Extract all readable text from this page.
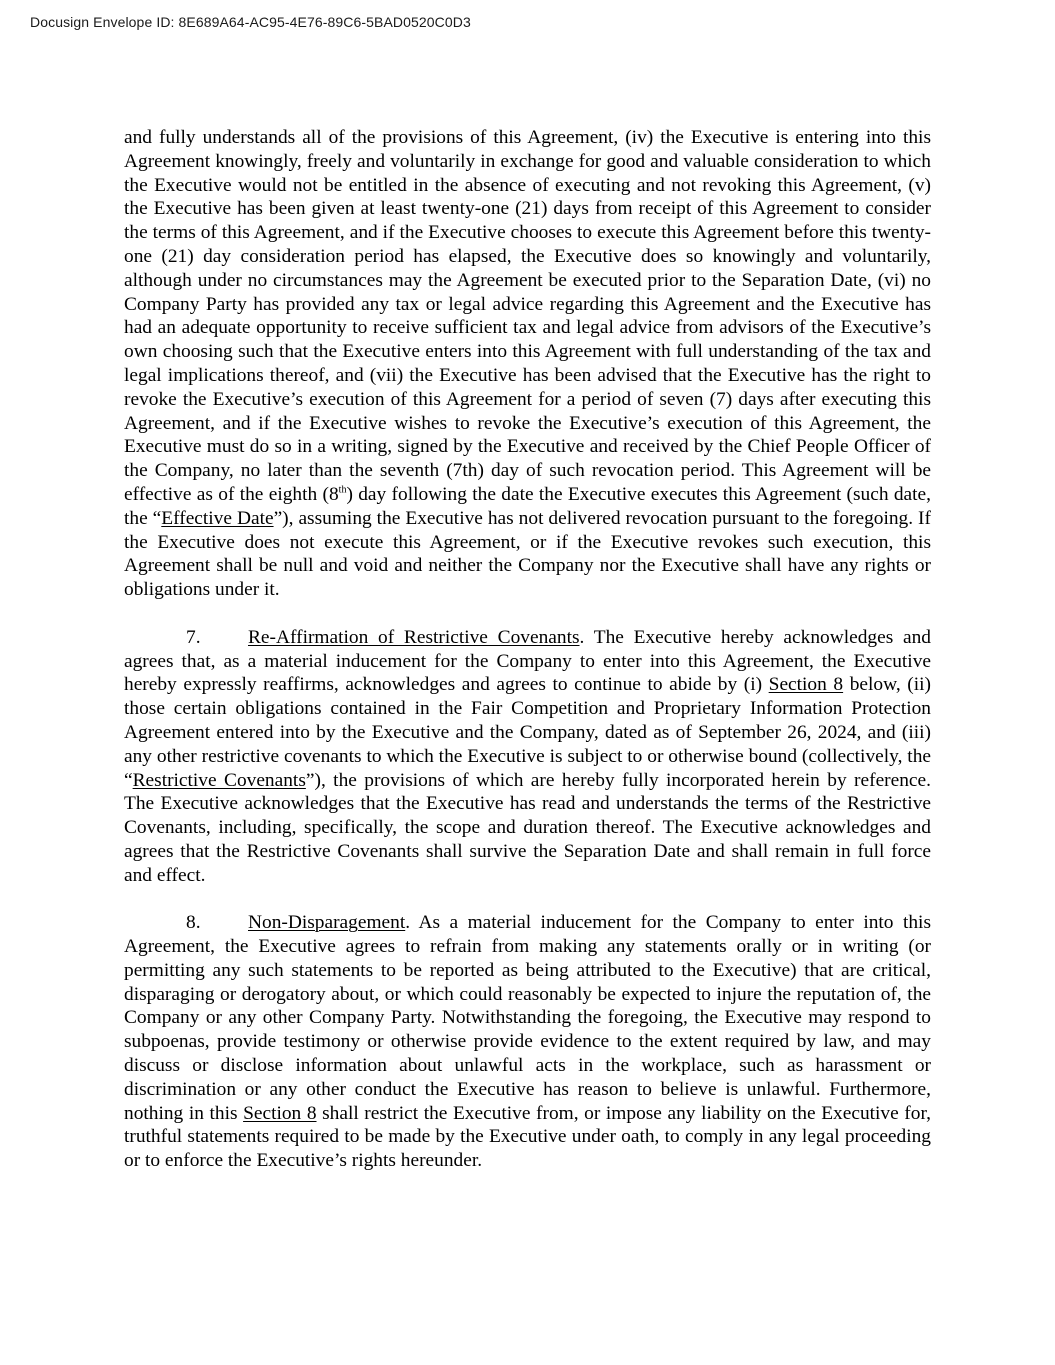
Docusign Envelope ID: 8E689A64-AC95-4E76-89C6-5BAD0520C0D3

and fully understands all of the provisions of this Agreement, (iv) the Executive is entering into this Agreement knowingly, freely and voluntarily in exchange for good and valuable consideration to which the Executive would not be entitled in the absence of executing and not revoking this Agreement, (v) the Executive has been given at least twenty-one (21) days from receipt of this Agreement to consider the terms of this Agreement, and if the Executive chooses to execute this Agreement before this twenty-one (21) day consideration period has elapsed, the Executive does so knowingly and voluntarily, although under no circumstances may the Agreement be executed prior to the Separation Date, (vi) no Company Party has provided any tax or legal advice regarding this Agreement and the Executive has had an adequate opportunity to receive sufficient tax and legal advice from advisors of the Executive’s own choosing such that the Executive enters into this Agreement with full understanding of the tax and legal implications thereof, and (vii) the Executive has been advised that the Executive has the right to revoke the Executive’s execution of this Agreement for a period of seven (7) days after executing this Agreement, and if the Executive wishes to revoke the Executive’s execution of this Agreement, the Executive must do so in a writing, signed by the Executive and received by the Chief People Officer of the Company, no later than the seventh (7th) day of such revocation period. This Agreement will be effective as of the eighth (8th) day following the date the Executive executes this Agreement (such date, the “Effective Date”), assuming the Executive has not delivered revocation pursuant to the foregoing. If the Executive does not execute this Agreement, or if the Executive revokes such execution, this Agreement shall be null and void and neither the Company nor the Executive shall have any rights or obligations under it.

7. Re-Affirmation of Restrictive Covenants. The Executive hereby acknowledges and agrees that, as a material inducement for the Company to enter into this Agreement, the Executive hereby expressly reaffirms, acknowledges and agrees to continue to abide by (i) Section 8 below, (ii) those certain obligations contained in the Fair Competition and Proprietary Information Protection Agreement entered into by the Executive and the Company, dated as of September 26, 2024, and (iii) any other restrictive covenants to which the Executive is subject to or otherwise bound (collectively, the “Restrictive Covenants”), the provisions of which are hereby fully incorporated herein by reference. The Executive acknowledges that the Executive has read and understands the terms of the Restrictive Covenants, including, specifically, the scope and duration thereof. The Executive acknowledges and agrees that the Restrictive Covenants shall survive the Separation Date and shall remain in full force and effect.

8. Non-Disparagement. As a material inducement for the Company to enter into this Agreement, the Executive agrees to refrain from making any statements orally or in writing (or permitting any such statements to be reported as being attributed to the Executive) that are critical, disparaging or derogatory about, or which could reasonably be expected to injure the reputation of, the Company or any other Company Party. Notwithstanding the foregoing, the Executive may respond to subpoenas, provide testimony or otherwise provide evidence to the extent required by law, and may discuss or disclose information about unlawful acts in the workplace, such as harassment or discrimination or any other conduct the Executive has reason to believe is unlawful. Furthermore, nothing in this Section 8 shall restrict the Executive from, or impose any liability on the Executive for, truthful statements required to be made by the Executive under oath, to comply in any legal proceeding or to enforce the Executive’s rights hereunder.
